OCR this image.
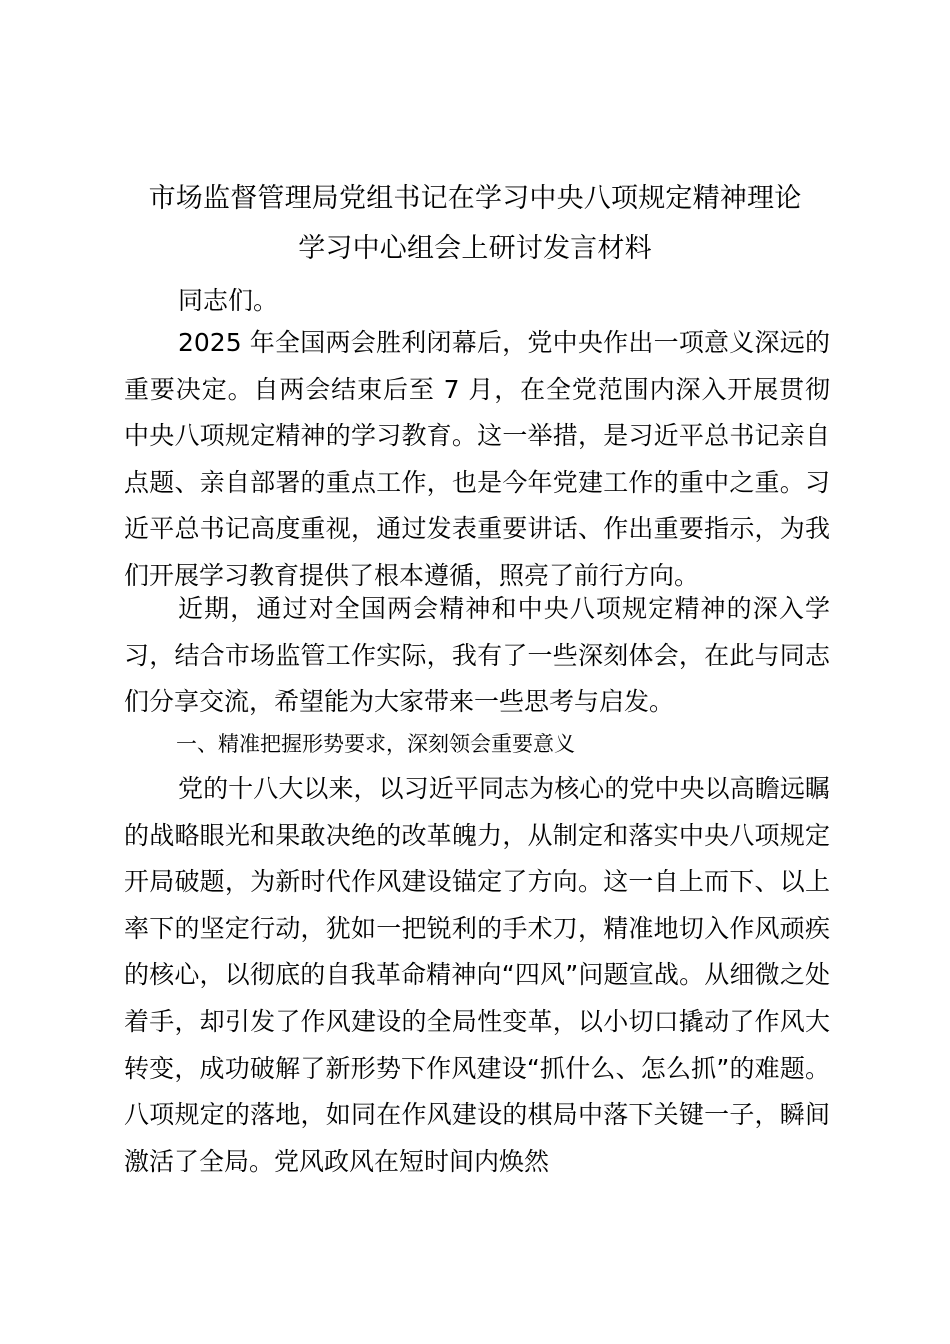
市场监督管理局党组书记在学习中央八项规定精神理论
学习中心组会上研讨发言材料

同志们。

2025 年全国两会胜利闭幕后，党中央作出一项意义深远的重要决定。自两会结束后至 7 月，在全党范围内深入开展贯彻中央八项规定精神的学习教育。这一举措，是习近平总书记亲自点题、亲自部署的重点工作，也是今年党建工作的重中之重。习近平总书记高度重视，通过发表重要讲话、作出重要指示，为我们开展学习教育提供了根本遵循，照亮了前行方向。

近期，通过对全国两会精神和中央八项规定精神的深入学习，结合市场监管工作实际，我有了一些深刻体会，在此与同志们分享交流，希望能为大家带来一些思考与启发。

一、精准把握形势要求，深刻领会重要意义

党的十八大以来，以习近平同志为核心的党中央以高瞻远瞩的战略眼光和果敢决绝的改革魄力，从制定和落实中央八项规定开局破题，为新时代作风建设锚定了方向。这一自上而下、以上率下的坚定行动，犹如一把锐利的手术刀，精准地切入作风顽疾的核心，以彻底的自我革命精神向“四风”问题宣战。从细微之处着手，却引发了作风建设的全局性变革，以小切口撬动了作风大转变，成功破解了新形势下作风建设“抓什么、怎么抓”的难题。八项规定的落地，如同在作风建设的棋局中落下关键一子，瞬间激活了全局。党风政风在短时间内焕然
